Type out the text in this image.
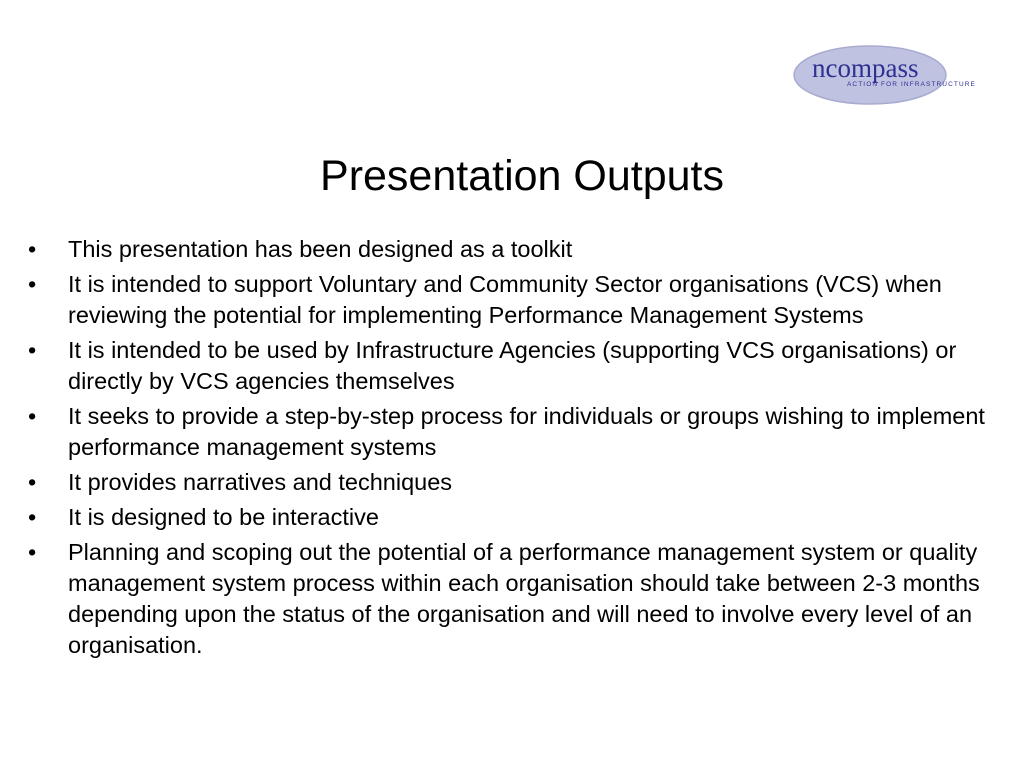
ncompass
ACTION FOR INFRASTRUCTURE
Presentation Outputs
•	This presentation has been designed as a toolkit
•	It is intended to support Voluntary and Community Sector organisations (VCS) when reviewing the potential for implementing Performance Management Systems
•	It is intended to be used by Infrastructure Agencies (supporting VCS organisations) or directly by VCS agencies themselves
•	It seeks to provide a step-by-step process for individuals or groups wishing to implement performance management systems
•	It provides narratives and techniques
•	It is designed to be interactive
•	Planning and scoping out the potential of a performance management system or quality management system process within each organisation should take between 2-3 months depending upon the status of the organisation and will need to involve every level of an organisation.
